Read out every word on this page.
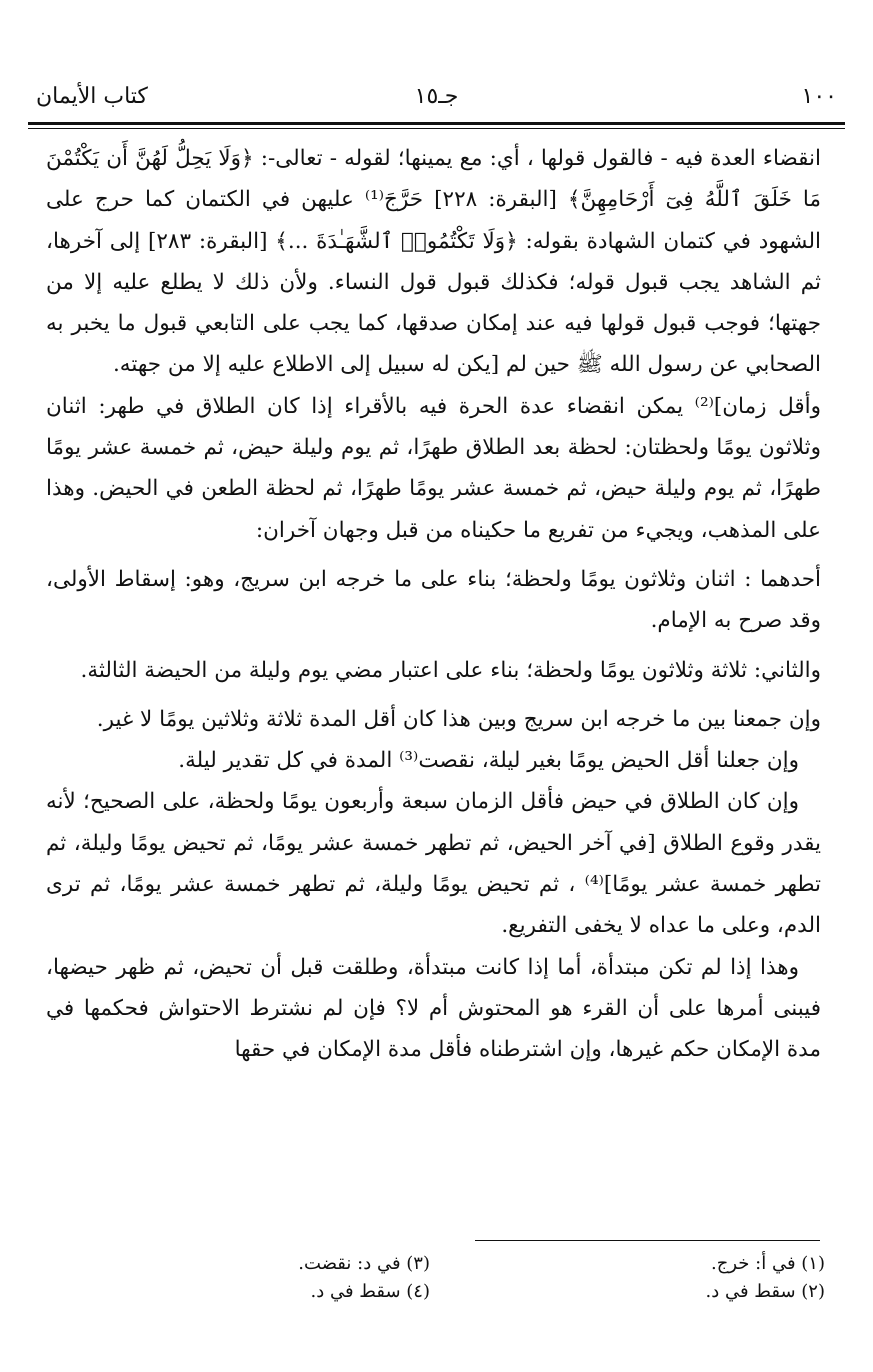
١٠٠
جـ١٥
كتاب الأيمان

انقضاء العدة فيه - فالقول قولها ، أي: مع يمينها؛ لقوله - تعالى-: ﴿وَلَا يَحِلُّ لَهُنَّ أَن يَكْتُمْنَ مَا خَلَقَ ٱللَّهُ فِىٓ أَرْحَامِهِنَّ﴾ [البقرة: ٢٢٨] حَرَّجَ⁽¹⁾ عليهن في الكتمان كما حرج على الشهود في كتمان الشهادة بقوله: ﴿وَلَا تَكْتُمُوا۟ ٱلشَّهَـٰدَةَ ...﴾ [البقرة: ٢٨٣] إلى آخرها، ثم الشاهد يجب قبول قوله؛ فكذلك قبول قول النساء. ولأن ذلك لا يطلع عليه إلا من جهتها؛ فوجب قبول قولها فيه عند إمكان صدقها، كما يجب على التابعي قبول ما يخبر به الصحابي عن رسول الله ﷺ حين لم [يكن له سبيل إلى الاطلاع عليه إلا من جهته.

وأقل زمان]⁽²⁾ يمكن انقضاء عدة الحرة فيه بالأقراء إذا كان الطلاق في طهر: اثنان وثلاثون يومًا ولحظتان: لحظة بعد الطلاق طهرًا، ثم يوم وليلة حيض، ثم خمسة عشر يومًا طهرًا، ثم يوم وليلة حيض، ثم خمسة عشر يومًا طهرًا، ثم لحظة الطعن في الحيض. وهذا على المذهب، ويجيء من تفريع ما حكيناه من قبل وجهان آخران:

أحدهما : اثنان وثلاثون يومًا ولحظة؛ بناء على ما خرجه ابن سريج، وهو: إسقاط الأولى، وقد صرح به الإمام.

والثاني: ثلاثة وثلاثون يومًا ولحظة؛ بناء على اعتبار مضي يوم وليلة من الحيضة الثالثة.

وإن جمعنا بين ما خرجه ابن سريج وبين هذا كان أقل المدة ثلاثة وثلاثين يومًا لا غير.

وإن جعلنا أقل الحيض يومًا بغير ليلة، نقصت⁽³⁾ المدة في كل تقدير ليلة.

وإن كان الطلاق في حيض فأقل الزمان سبعة وأربعون يومًا ولحظة، على الصحيح؛ لأنه يقدر وقوع الطلاق [في آخر الحيض، ثم تطهر خمسة عشر يومًا، ثم تحيض يومًا وليلة، ثم تطهر خمسة عشر يومًا]⁽⁴⁾ ، ثم تحيض يومًا وليلة، ثم تطهر خمسة عشر يومًا، ثم ترى الدم، وعلى ما عداه لا يخفى التفريع.

وهذا إذا لم تكن مبتدأة، أما إذا كانت مبتدأة، وطلقت قبل أن تحيض، ثم ظهر حيضها، فيبنى أمرها على أن القرء هو المحتوش أم لا؟ فإن لم نشترط الاحتواش فحكمها في مدة الإمكان حكم غيرها، وإن اشترطناه فأقل مدة الإمكان في حقها

(١) في أ: خرج.
(٢) سقط في د.
(٣) في د: نقضت.
(٤) سقط في د.
